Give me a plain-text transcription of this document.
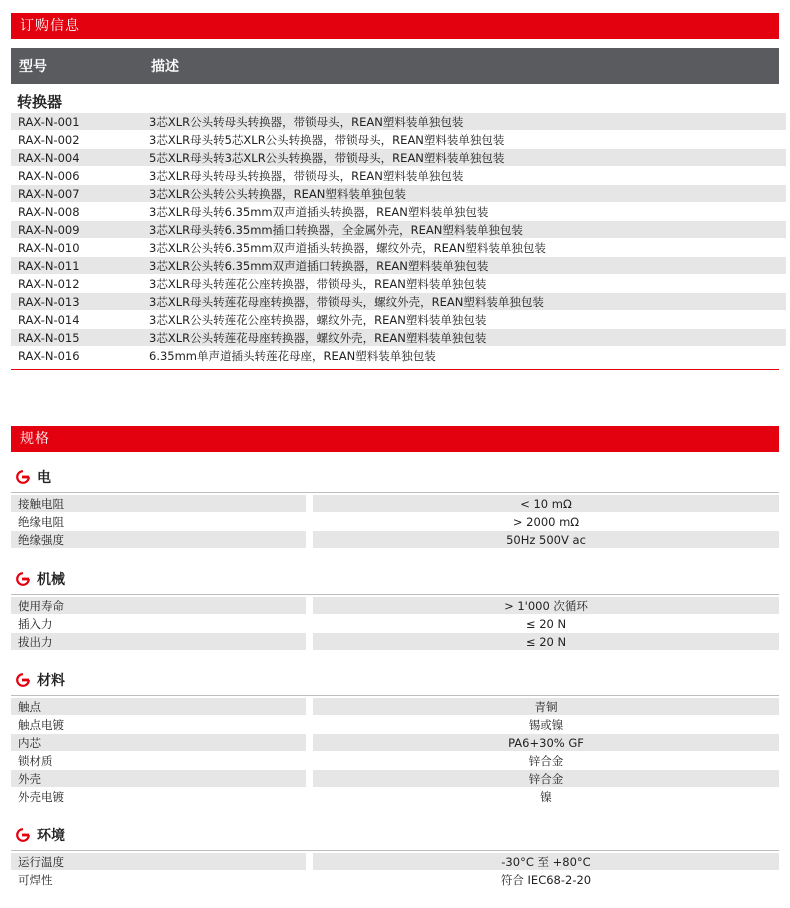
订购信息
型号	描述
转换器
RAX-N-001	3芯XLR公头转母头转换器，带锁母头，REAN塑料装单独包装
RAX-N-002	3芯XLR母头转5芯XLR公头转换器，带锁母头，REAN塑料装单独包装
RAX-N-004	5芯XLR母头转3芯XLR公头转换器，带锁母头，REAN塑料装单独包装
RAX-N-006	3芯XLR母头转母头转换器，带锁母头，REAN塑料装单独包装
RAX-N-007	3芯XLR公头转公头转换器，REAN塑料装单独包装
RAX-N-008	3芯XLR母头转6.35mm双声道插头转换器，REAN塑料装单独包装
RAX-N-009	3芯XLR母头转6.35mm插口转换器，全金属外壳，REAN塑料装单独包装
RAX-N-010	3芯XLR公头转6.35mm双声道插头转换器，螺纹外壳，REAN塑料装单独包装
RAX-N-011	3芯XLR公头转6.35mm双声道插口转换器，REAN塑料装单独包装
RAX-N-012	3芯XLR母头转莲花公座转换器，带锁母头，REAN塑料装单独包装
RAX-N-013	3芯XLR母头转莲花母座转换器，带锁母头，螺纹外壳，REAN塑料装单独包装
RAX-N-014	3芯XLR公头转莲花公座转换器，螺纹外壳，REAN塑料装单独包装
RAX-N-015	3芯XLR公头转莲花母座转换器，螺纹外壳，REAN塑料装单独包装
RAX-N-016	6.35mm单声道插头转莲花母座，REAN塑料装单独包装
规格
电
接触电阻	< 10 mΩ
绝缘电阻	> 2000 mΩ
绝缘强度	50Hz 500V ac
机械
使用寿命	> 1'000 次循环
插入力	≤ 20 N
拔出力	≤ 20 N
材料
触点	青铜
触点电镀	锡或镍
内芯	PA6+30% GF
锁材质	锌合金
外壳	锌合金
外壳电镀	镍
环境
运行温度	-30°C 至 +80°C
可焊性	符合 IEC68-2-20
